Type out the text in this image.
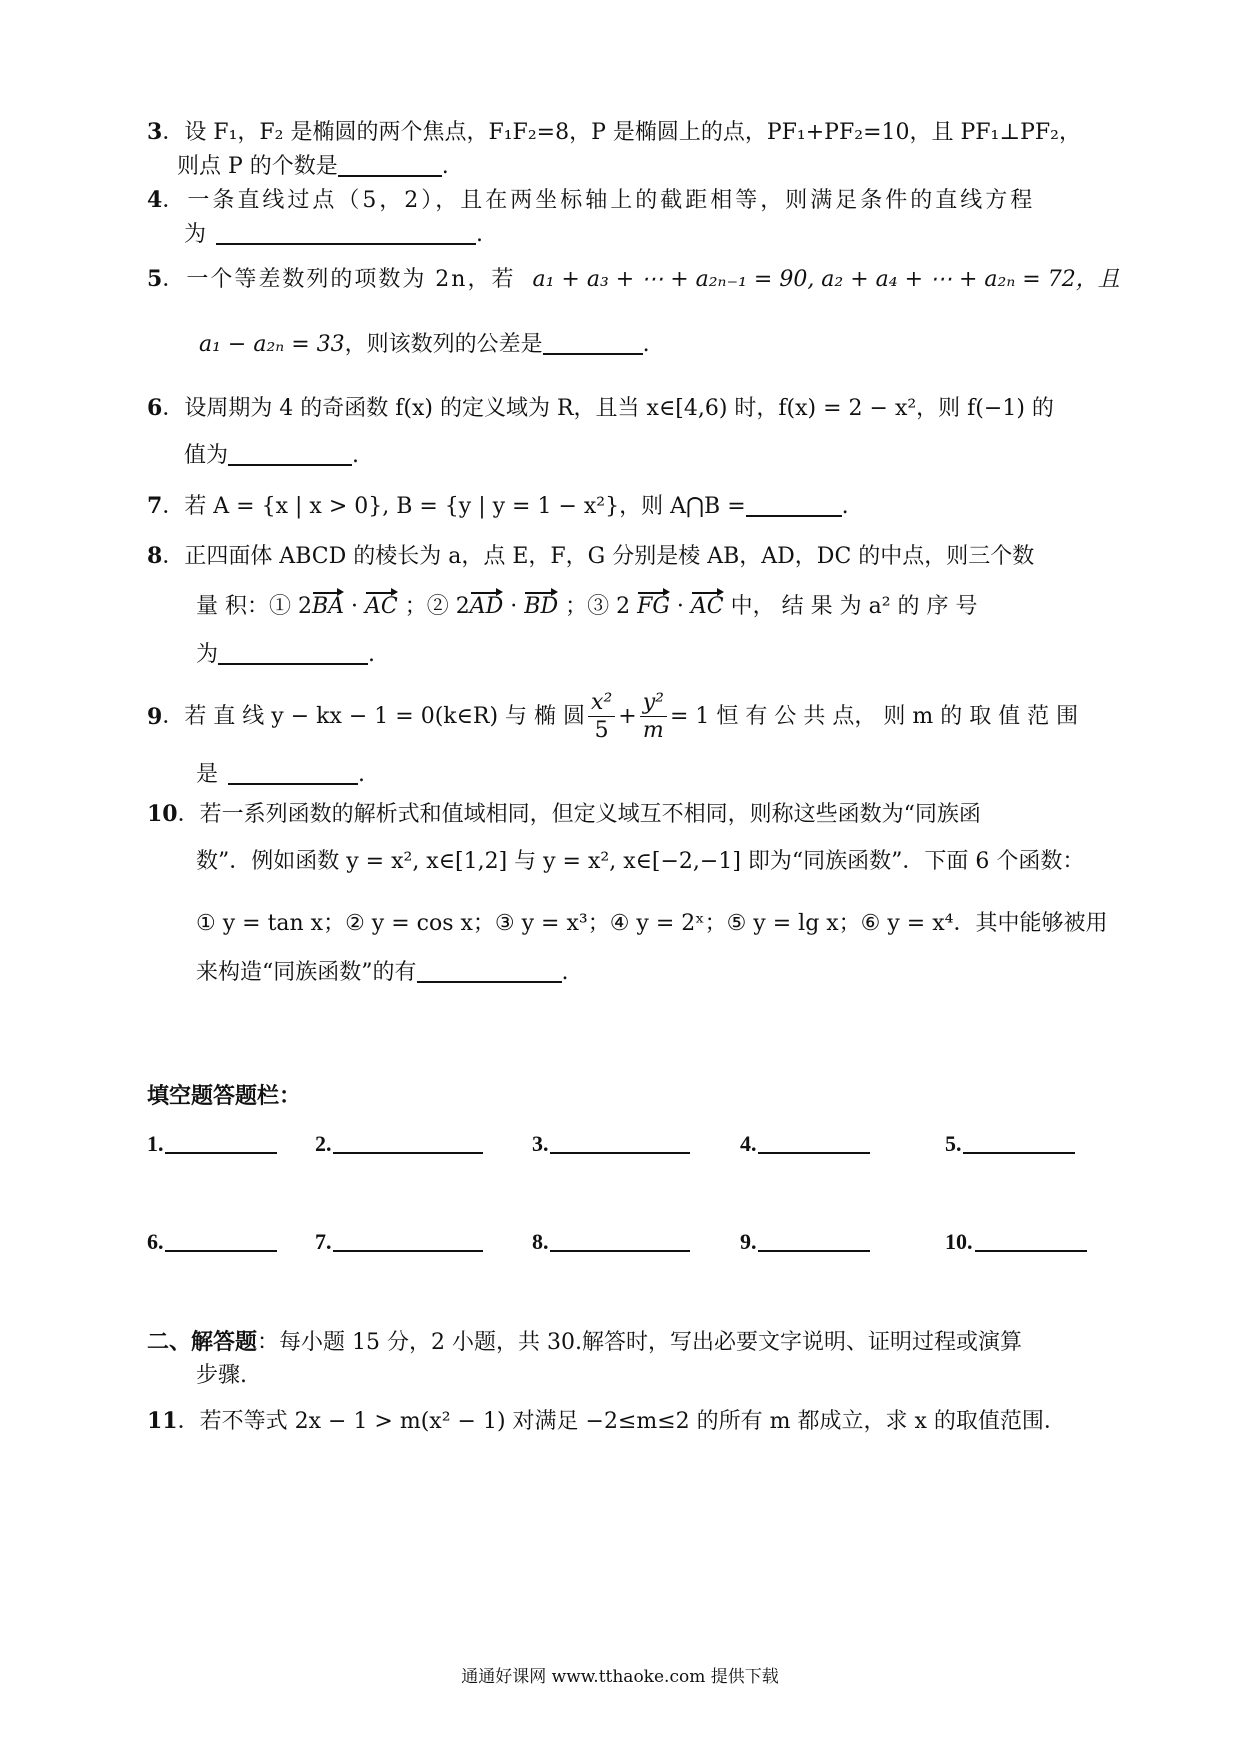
3．设 F₁，F₂ 是椭圆的两个焦点，F₁F₂=8，P 是椭圆上的点，PF₁+PF₂=10，且 PF₁⊥PF₂，
则点 P 的个数是	.
4．一条直线过点（5，2），且在两坐标轴上的截距相等，则满足条件的直线方程
为	.
5．一个等差数列的项数为 2n，若 a₁ + a₃ + ⋯ + a₂ₙ₋₁ = 90, a₂ + a₄ + ⋯ + a₂ₙ = 72，且
a₁ − a₂ₙ = 33，则该数列的公差是	.
6．设周期为 4 的奇函数 f(x) 的定义域为 R，且当 x∈[4,6) 时，f(x) = 2 − x²，则 f(−1) 的
值为	.
7．若 A = {x | x > 0}, B = {y | y = 1 − x²}，则 A⋂B =	.
8．正四面体 ABCD 的棱长为 a，点 E，F，G 分别是棱 AB，AD，DC 的中点，则三个数
量 积：① 2BA · AC ；② 2AD · BD ；③ 2 FG · AC 中， 结 果 为 a² 的 序 号
为	.
9 ．若 直 线 y − kx − 1 = 0(k∈R) 与 椭 圆 $\frac{\text{x²}}{5} + \frac{\text{y²}}{m} = 1$ 恒 有 公 共 点， 则 m 的 取 值 范 围
是	.
10．若一系列函数的解析式和值域相同，但定义域互不相同，则称这些函数为“同族函
数”．例如函数 y = x², x∈[1,2] 与 y = x², x∈[−2,−1] 即为“同族函数”．下面 6 个函数：
① y = tan x；② y = cos x；③ y = x³；④ y = 2ˣ；⑤ y = lg x；⑥ y = x⁴．其中能够被用
来构造“同族函数”的有	.
填空题答题栏：
1.	2.	3.	4.	5.
6.	7.	8.	9.	10.
二、解答题：每小题 15 分，2 小题，共 30.解答时，写出必要文字说明、证明过程或演算
步骤.
11．若不等式 2x − 1 > m(x² − 1) 对满足 −2≤m≤2 的所有 m 都成立，求 x 的取值范围．
通通好课网 www.tthaoke.com 提供下载
